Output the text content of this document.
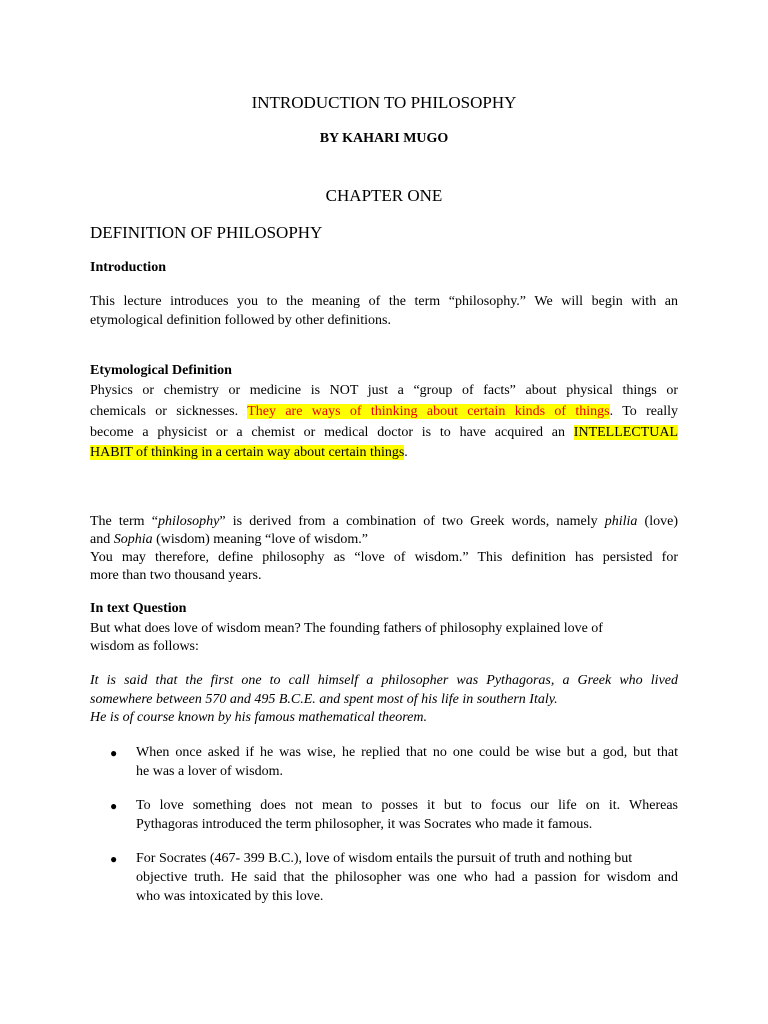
INTRODUCTION TO PHILOSOPHY

BY KAHARI MUGO

CHAPTER ONE

DEFINITION OF PHILOSOPHY

Introduction

This lecture introduces you to the meaning of the term “philosophy.” We will begin with an

etymological definition followed by other definitions.

Etymological Definition

Physics or chemistry or medicine is NOT just a “group of facts” about physical things or

chemicals or sicknesses. They are ways of thinking about certain kinds of things. To really

become a physicist or a chemist or medical doctor is to have acquired an INTELLECTUAL

HABIT of thinking in a certain way about certain things.

The term “philosophy” is derived from a combination of two Greek words, namely philia (love)

and Sophia (wisdom) meaning “love of wisdom.”

You may therefore, define philosophy as “love of wisdom.” This definition has persisted for

more than two thousand years.

In text Question

But what does love of wisdom mean? The founding fathers of philosophy explained love of

wisdom as follows:

It is said that the first one to call himself a philosopher was Pythagoras, a Greek who lived

somewhere between 570 and 495 B.C.E. and spent most of his life in southern Italy.

He is of course known by his famous mathematical theorem.

●	When once asked if he was wise, he replied that no one could be wise but a god, but that

he was a lover of wisdom.

●	To love something does not mean to posses it but to focus our life on it. Whereas

Pythagoras introduced the term philosopher, it was Socrates who made it famous.

●	For Socrates (467- 399 B.C.), love of wisdom entails the pursuit of truth and nothing but

objective truth. He said that the philosopher was one who had a passion for wisdom and

who was intoxicated by this love.
